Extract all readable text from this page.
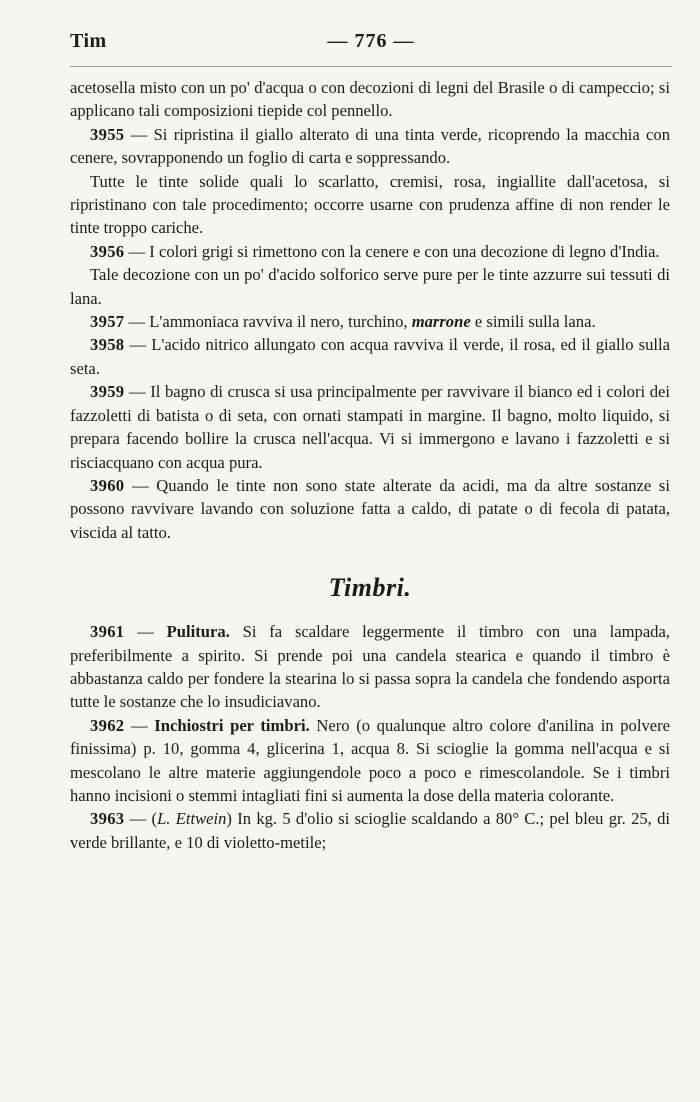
Tim	— 776 —

acetosella misto con un po' d'acqua o con decozioni di legni del Brasile o di campeccio; si applicano tali composizioni tiepide col pennello.

3955 — Si ripristina il giallo alterato di una tinta verde, ricoprendo la macchia con cenere, sovrapponendo un foglio di carta e soppressando.

Tutte le tinte solide quali lo scarlatto, cremisi, rosa, ingiallite dall'acetosa, si ripristinano con tale procedimento; occorre usarne con prudenza affine di non render le tinte troppo cariche.

3956 — I colori grigi si rimettono con la cenere e con una decozione di legno d'India.

Tale decozione con un po' d'acido solforico serve pure per le tinte azzurre sui tessuti di lana.

3957 — L'ammoniaca ravviva il nero, turchino, marrone e simili sulla lana.

3958 — L'acido nitrico allungato con acqua ravviva il verde, il rosa, ed il giallo sulla seta.

3959 — Il bagno di crusca si usa principalmente per ravvivare il bianco ed i colori dei fazzoletti di batista o di seta, con ornati stampati in margine. Il bagno, molto liquido, si prepara facendo bollire la crusca nell'acqua. Vi si immergono e lavano i fazzoletti e si risciacquano con acqua pura.

3960 — Quando le tinte non sono state alterate da acidi, ma da altre sostanze si possono ravvivare lavando con soluzione fatta a caldo, di patate o di fecola di patata, viscida al tatto.

Timbri.

3961 — Pulitura. Si fa scaldare leggermente il timbro con una lampada, preferibilmente a spirito. Si prende poi una candela stearica e quando il timbro è abbastanza caldo per fondere la stearina lo si passa sopra la candela che fondendo asporta tutte le sostanze che lo insudiciavano.

3962 — Inchiostri per timbri. Nero (o qualunque altro colore d'anilina in polvere finissima) p. 10, gomma 4, glicerina 1, acqua 8. Si scioglie la gomma nell'acqua e si mescolano le altre materie aggiungendole poco a poco e rimescolandole. Se i timbri hanno incisioni o stemmi intagliati fini si aumenta la dose della materia colorante.

3963 — (L. Ettwein) In kg. 5 d'olio si scioglie scaldando a 80° C.; pel bleu gr. 25, di verde brillante, e 10 di violetto-metile;
